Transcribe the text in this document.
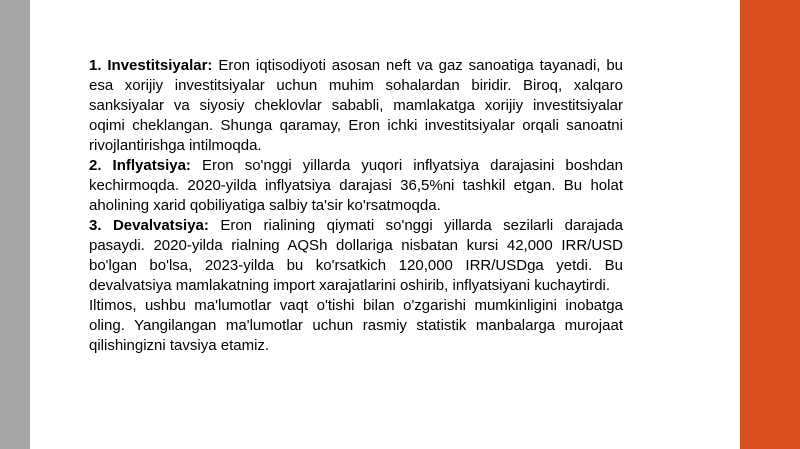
1. Investitsiyalar: Eron iqtisodiyoti asosan neft va gaz sanoatiga tayanadi, bu esa xorijiy investitsiyalar uchun muhim sohalardan biridir. Biroq, xalqaro sanksiyalar va siyosiy cheklovlar sababli, mamlakatga xorijiy investitsiyalar oqimi cheklangan. Shunga qaramay, Eron ichki investitsiyalar orqali sanoatni rivojlantirishga intilmoqda.

2. Inflyatsiya: Eron so'nggi yillarda yuqori inflyatsiya darajasini boshdan kechirmoqda. 2020-yilda inflyatsiya darajasi 36,5%ni tashkil etgan. Bu holat aholining xarid qobiliyatiga salbiy ta'sir ko'rsatmoqda.

3. Devalvatsiya: Eron rialining qiymati so'nggi yillarda sezilarli darajada pasaydi. 2020-yilda rialning AQSh dollariga nisbatan kursi 42,000 IRR/USD bo'lgan bo'lsa, 2023-yilda bu ko'rsatkich 120,000 IRR/USDga yetdi. Bu devalvatsiya mamlakatning import xarajatlarini oshirib, inflyatsiyani kuchaytirdi.

Iltimos, ushbu ma'lumotlar vaqt o'tishi bilan o'zgarishi mumkinligini inobatga oling. Yangilangan ma'lumotlar uchun rasmiy statistik manbalarga murojaat qilishingizni tavsiya etamiz.
